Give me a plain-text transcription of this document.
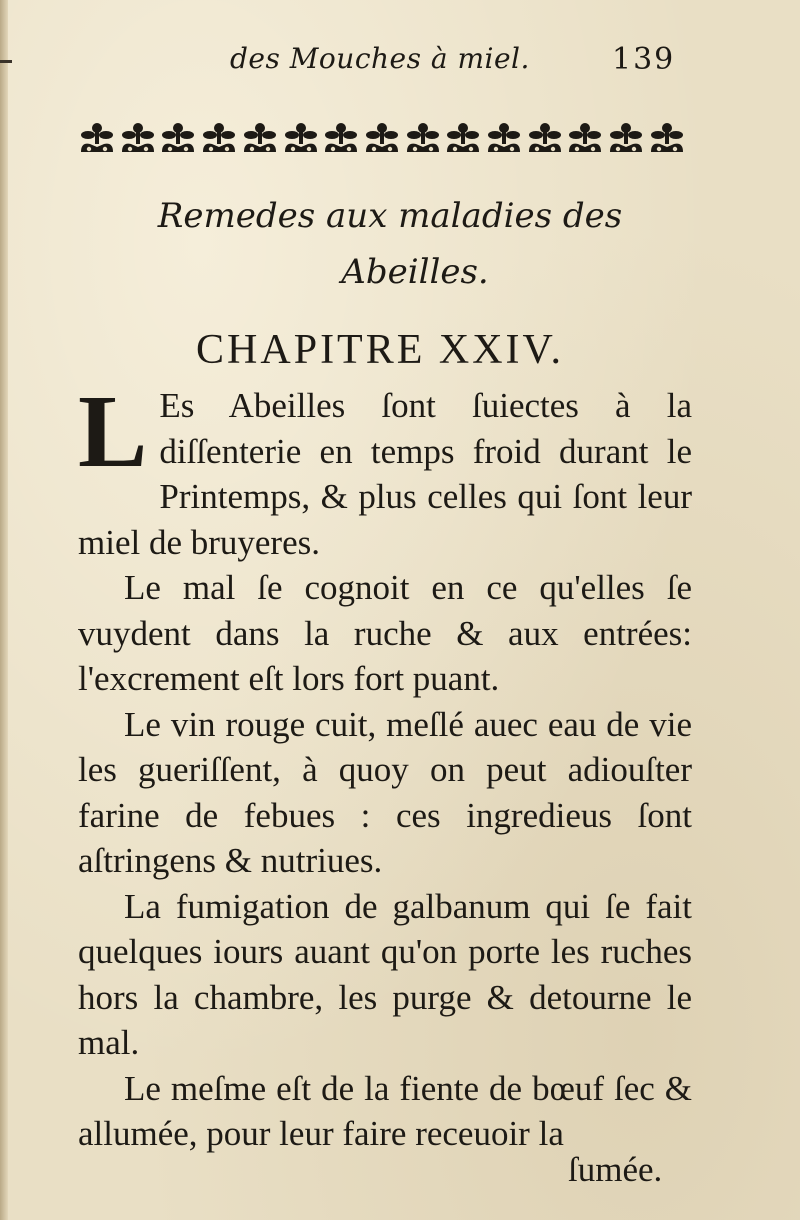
des Mouches à miel.	139
Remedes aux maladies des
Abeilles.
CHAPITRE XXIV.

L Es Abeilles ſont ſuiectes à la diſſenterie en temps froid durant le Printemps, & plus celles qui ſont leur miel de bruyeres.

Le mal ſe cognoit en ce qu'elles ſe vuydent dans la ruche & aux entrées: l'excrement eſt lors fort puant.

Le vin rouge cuit, meſlé auec eau de vie les gueriſſent, à quoy on peut adiouſter farine de febues : ces ingredieus ſont aſtringens & nutriues.

La fumigation de galbanum qui ſe fait quelques iours auant qu'on porte les ruches hors la chambre, les purge & detourne le mal.

Le meſme eſt de la fiente de bœuf ſec & allumée, pour leur faire receuoir la

ſumée.
